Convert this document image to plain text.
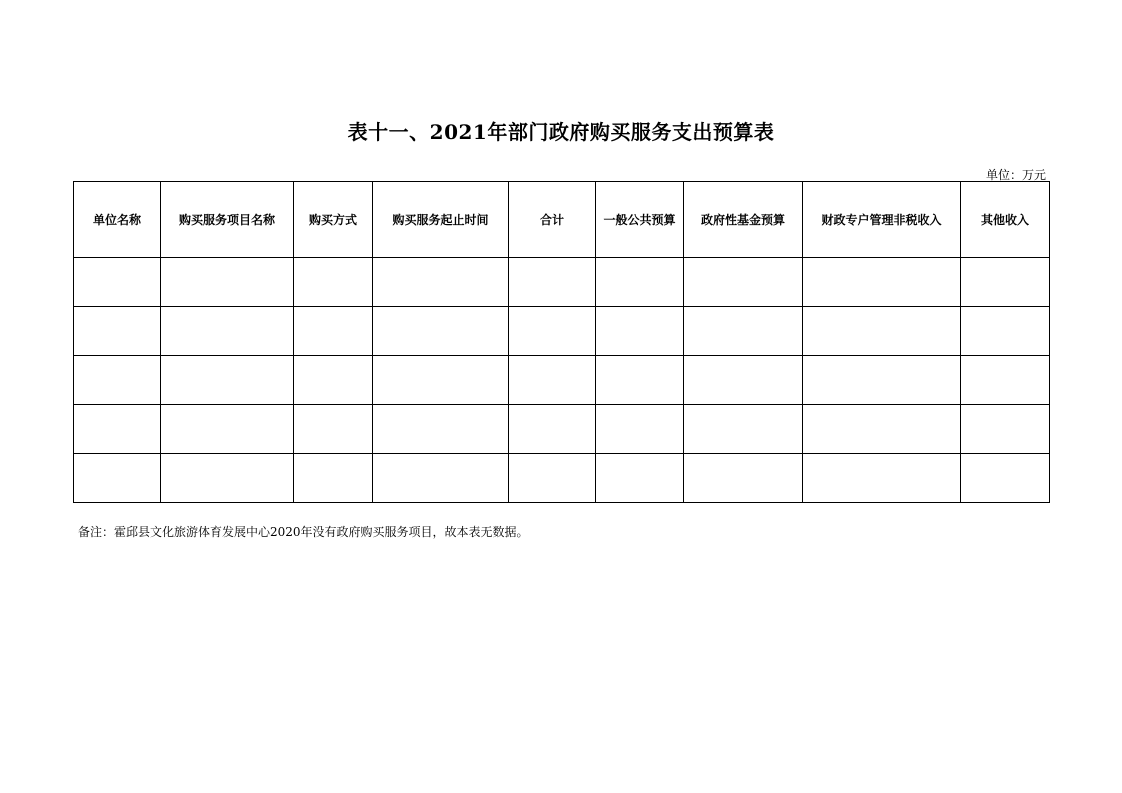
表十一、2021年部门政府购买服务支出预算表
单位：万元
单位名称	购买服务项目名称	购买方式	购买服务起止时间	合计	一般公共预算	政府性基金预算	财政专户管理非税收入	其他收入

备注：霍邱县文化旅游体育发展中心2020年没有政府购买服务项目，故本表无数据。
